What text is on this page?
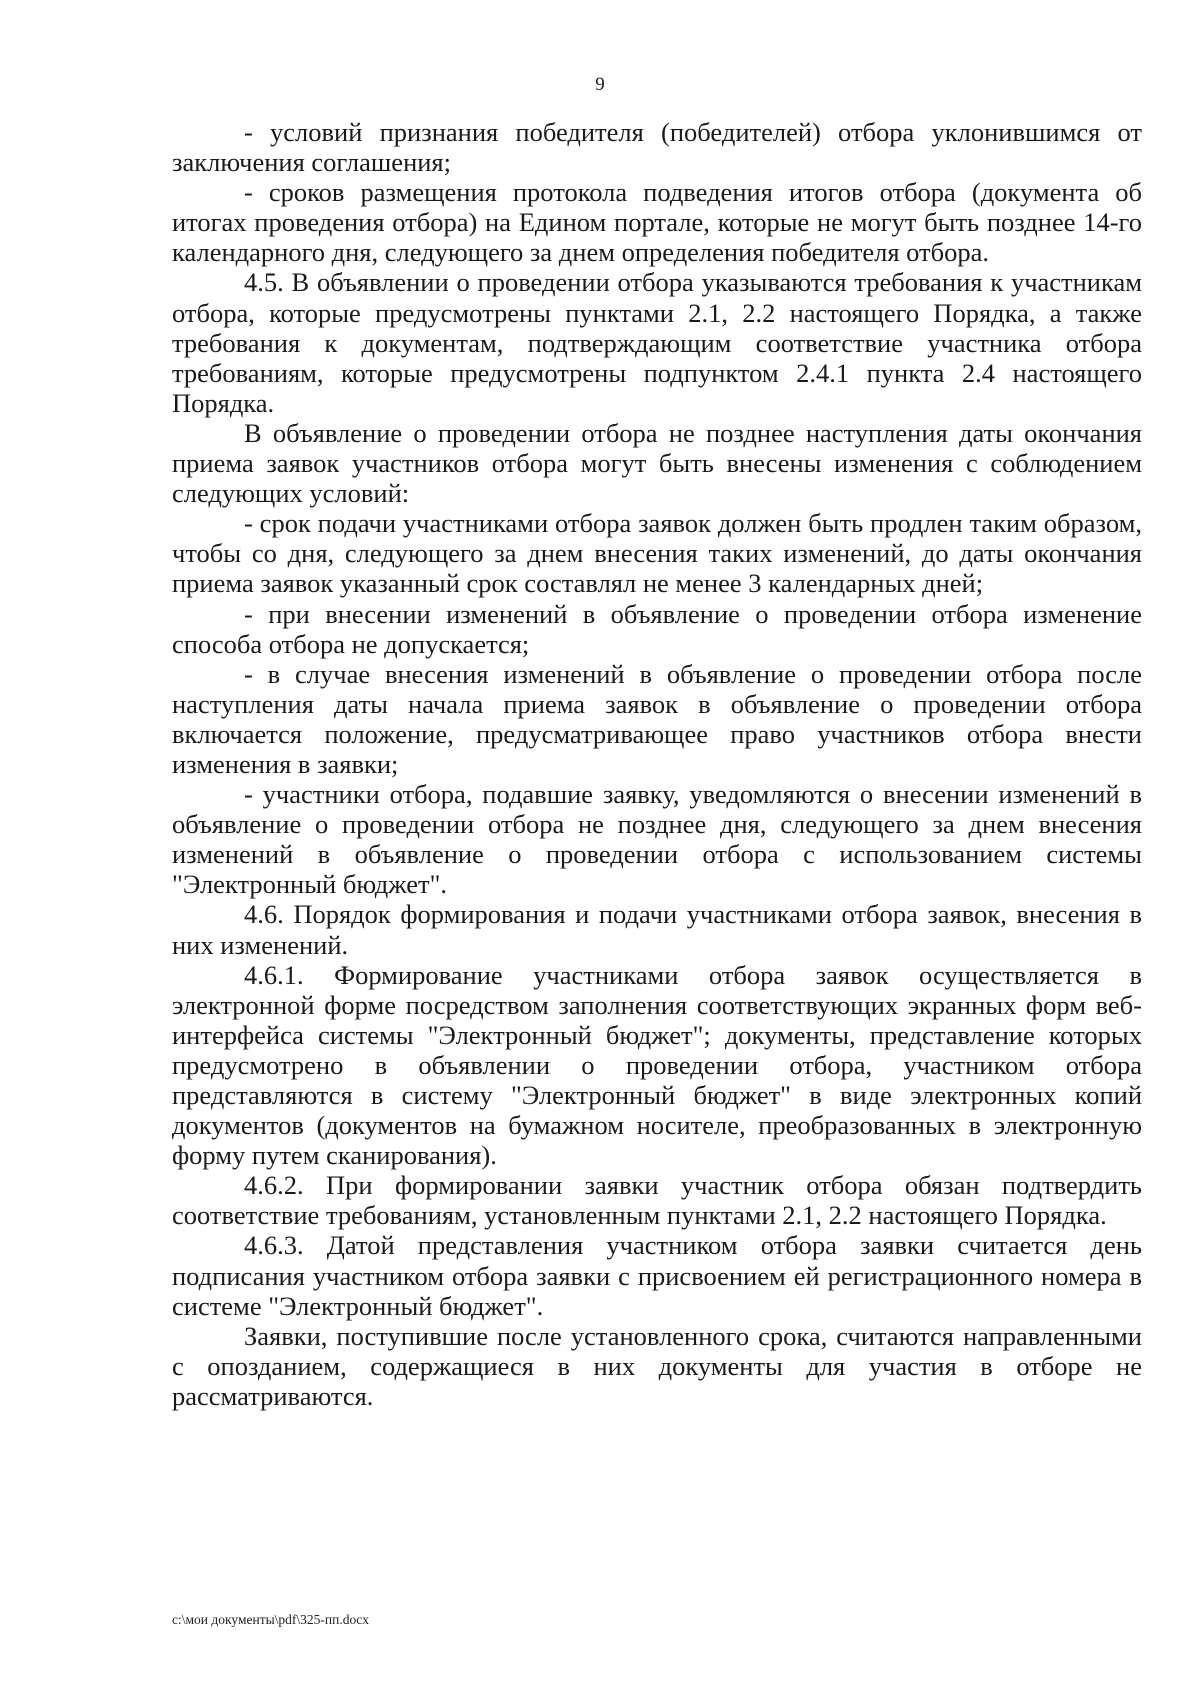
9

- условий признания победителя (победителей) отбора уклонившимся от заключения соглашения;

- сроков размещения протокола подведения итогов отбора (документа об итогах проведения отбора) на Едином портале, которые не могут быть позднее 14-го календарного дня, следующего за днем определения победителя отбора.

4.5. В объявлении о проведении отбора указываются требования к участникам отбора, которые предусмотрены пунктами 2.1, 2.2 настоящего Порядка, а также требования к документам, подтверждающим соответствие участника отбора требованиям, которые предусмотрены подпунктом 2.4.1 пункта 2.4 настоящего Порядка.

В объявление о проведении отбора не позднее наступления даты окончания приема заявок участников отбора могут быть внесены изменения с соблюдением следующих условий:

- срок подачи участниками отбора заявок должен быть продлен таким образом, чтобы со дня, следующего за днем внесения таких изменений, до даты окончания приема заявок указанный срок составлял не менее 3 календарных дней;

- при внесении изменений в объявление о проведении отбора изменение способа отбора не допускается;

- в случае внесения изменений в объявление о проведении отбора после наступления даты начала приема заявок в объявление о проведении отбора включается положение, предусматривающее право участников отбора внести изменения в заявки;

- участники отбора, подавшие заявку, уведомляются о внесении изменений в объявление о проведении отбора не позднее дня, следующего за днем внесения изменений в объявление о проведении отбора с использованием системы "Электронный бюджет".

4.6. Порядок формирования и подачи участниками отбора заявок, внесения в них изменений.

4.6.1. Формирование участниками отбора заявок осуществляется в электронной форме посредством заполнения соответствующих экранных форм веб-интерфейса системы "Электронный бюджет"; документы, представление которых предусмотрено в объявлении о проведении отбора, участником отбора представляются в систему "Электронный бюджет" в виде электронных копий документов (документов на бумажном носителе, преобразованных в электронную форму путем сканирования).

4.6.2. При формировании заявки участник отбора обязан подтвердить соответствие требованиям, установленным пунктами 2.1, 2.2 настоящего Порядка.

4.6.3. Датой представления участником отбора заявки считается день подписания участником отбора заявки с присвоением ей регистрационного номера в системе "Электронный бюджет".

Заявки, поступившие после установленного срока, считаются направленными с опозданием, содержащиеся в них документы для участия в отборе не рассматриваются.

c:\мои документы\pdf\325-пп.docx
